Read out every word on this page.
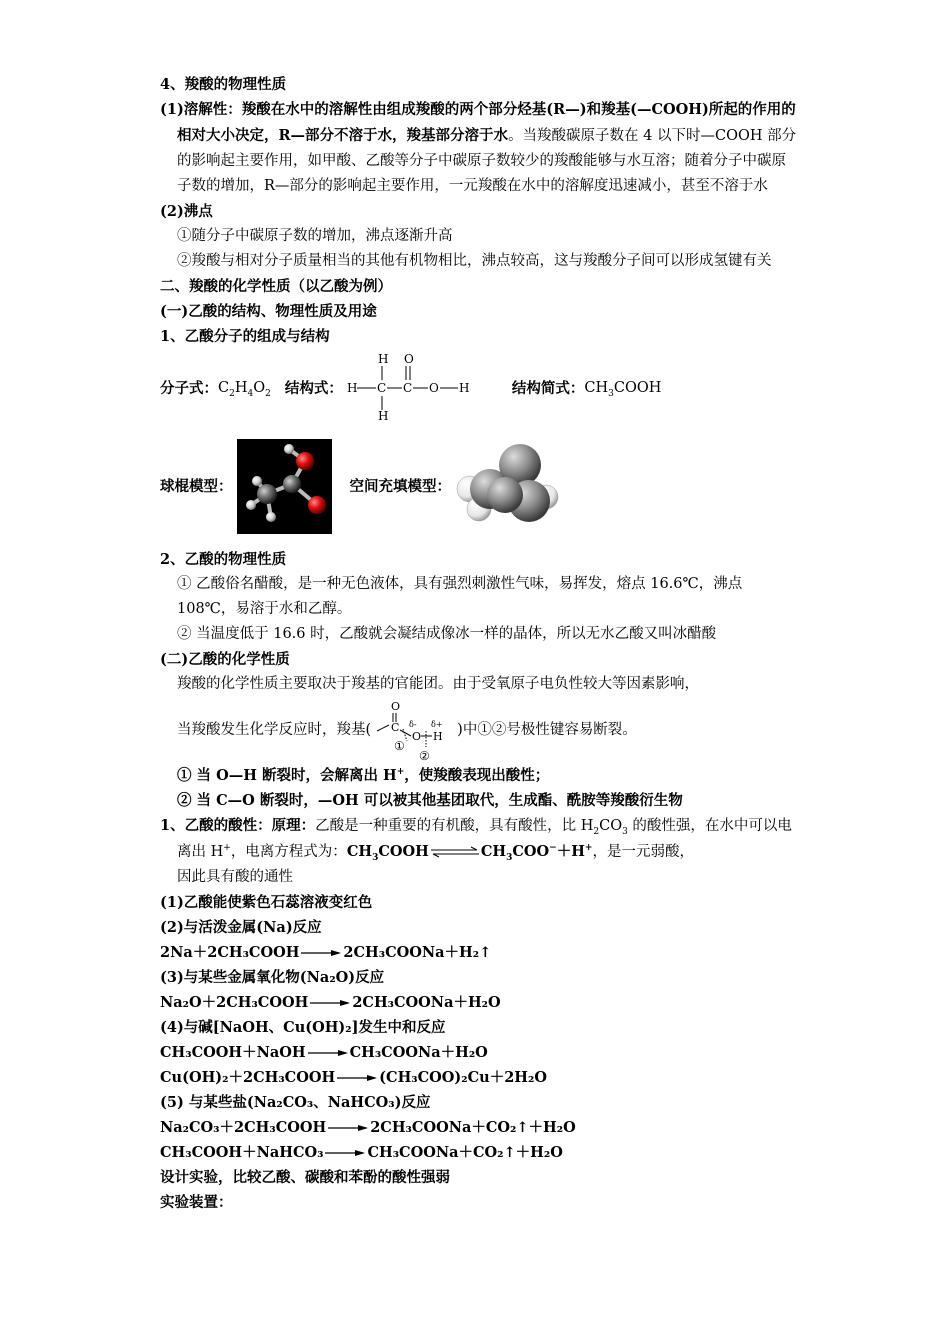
4、羧酸的物理性质
(1)溶解性：羧酸在水中的溶解性由组成羧酸的两个部分烃基(R—)和羧基(—COOH)所起的作用的相对大小决定，R—部分不溶于水，羧基部分溶于水。当羧酸碳原子数在 4 以下时—COOH 部分的影响起主要作用，如甲酸、乙酸等分子中碳原子数较少的羧酸能够与水互溶；随着分子中碳原子数的增加，R—部分的影响起主要作用，一元羧酸在水中的溶解度迅速减小，甚至不溶于水
(2)沸点
①随分子中碳原子数的增加，沸点逐渐升高
②羧酸与相对分子质量相当的其他有机物相比，沸点较高，这与羧酸分子间可以形成氢键有关
二、羧酸的化学性质（以乙酸为例）
(一)乙酸的结构、物理性质及用途
1、乙酸分子的组成与结构
分子式： $C_2H_4O_2$ 结构式：
H
H C C
O
O H
H
结构简式： $CH_3COOH$
球棍模型：	空间充填模型：
2、乙酸的物理性质
① 乙酸俗名醋酸，是一种无色液体，具有强烈刺激性气味，易挥发，熔点 16.6℃，沸点 108℃，易溶于水和乙醇。
② 当温度低于 16.6 时，乙酸就会凝结成像冰一样的晶体，所以无水乙酸又叫冰醋酸
(二)乙酸的化学性质
羧酸的化学性质主要取决于羧基的官能团。由于受氧原子电负性较大等因素影响，
当羧酸发生化学反应时，羧基(
O
C δ- δ+
O H
①
②
)中①②号极性键容易断裂。
① 当 O—H 断裂时，会解离出 H+，使羧酸表现出酸性；
② 当 C—O 断裂时，—OH 可以被其他基团取代，生成酯、酰胺等羧酸衍生物
1、乙酸的酸性：原理：乙酸是一种重要的有机酸，具有酸性，比 $H_2CO_3$ 的酸性强，在水中可以电离出 H+，电离方程式为：$CH_3COOH\rightleftharpoons CH_3COO^-+H^+$，是一元弱酸，
因此具有酸的通性
(1)乙酸能使紫色石蕊溶液变红色
(2)与活泼金属(Na)反应
2Na＋2CH₃COOH→2CH₃COONa＋H₂↑
(3)与某些金属氧化物(Na₂O)反应
Na₂O＋2CH₃COOH→2CH₃COONa＋H₂O
(4)与碱[NaOH、Cu(OH)₂]发生中和反应
CH₃COOH＋NaOH→CH₃COONa＋H₂O
Cu(OH)₂＋2CH₃COOH→(CH₃COO)₂Cu＋2H₂O
(5) 与某些盐(Na₂CO₃、NaHCO₃)反应
Na₂CO₃＋2CH₃COOH→2CH₃COONa＋CO₂↑＋H₂O
CH₃COOH＋NaHCO₃→CH₃COONa＋CO₂↑＋H₂O
设计实验，比较乙酸、碳酸和苯酚的酸性强弱
实验装置：
